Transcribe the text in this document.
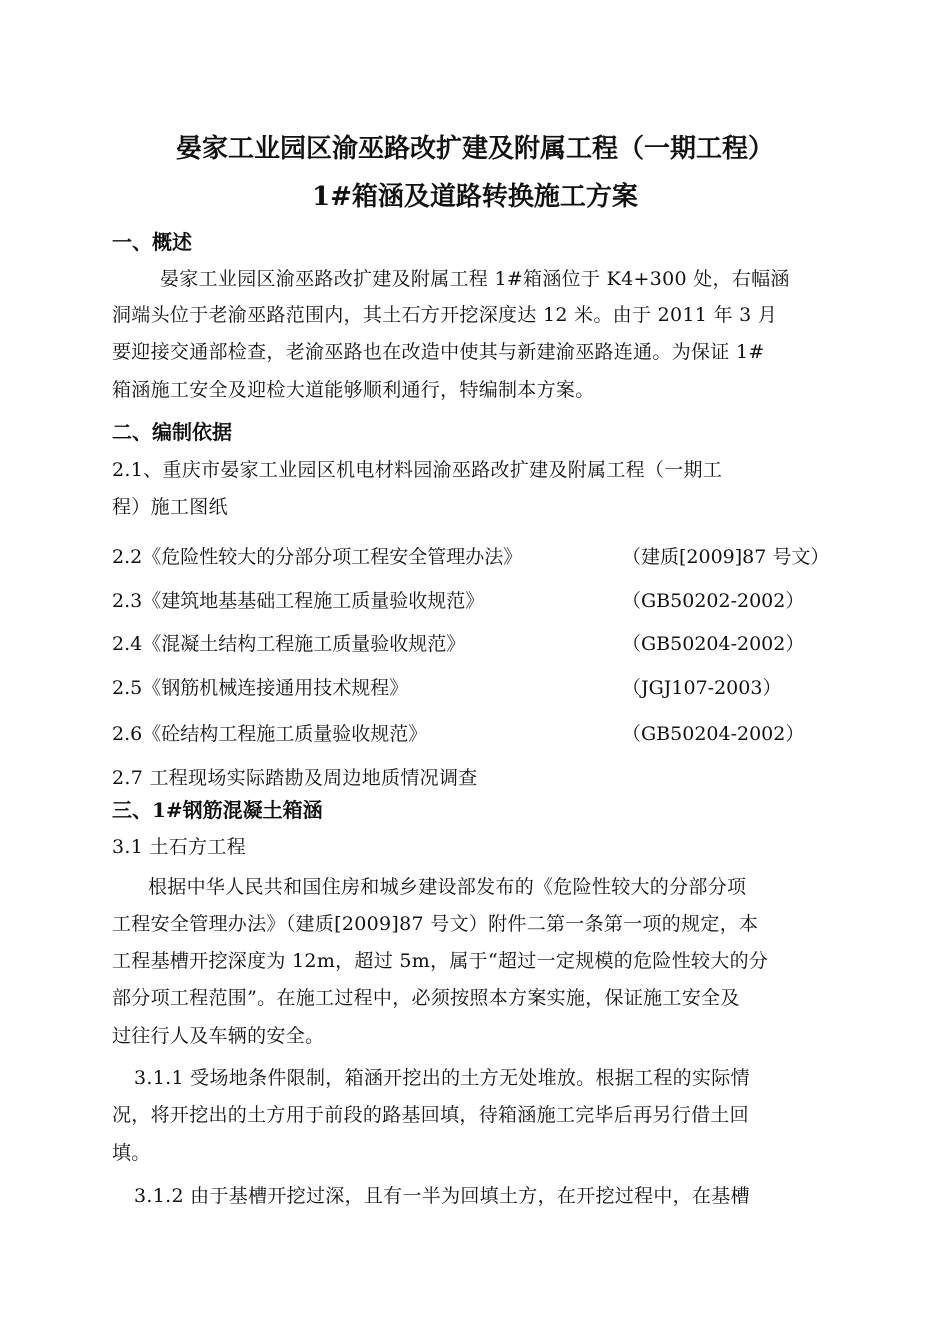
晏家工业园区渝巫路改扩建及附属工程（一期工程）
1#箱涵及道路转换施工方案
一、概述
晏家工业园区渝巫路改扩建及附属工程 1#箱涵位于 K4+300 处，右幅涵
洞端头位于老渝巫路范围内，其土石方开挖深度达 12 米。由于 2011 年 3 月
要迎接交通部检查，老渝巫路也在改造中使其与新建渝巫路连通。为保证 1#
箱涵施工安全及迎检大道能够顺利通行，特编制本方案。
二、编制依据
2.1、重庆市晏家工业园区机电材料园渝巫路改扩建及附属工程（一期工
程）施工图纸
2.2《危险性较大的分部分项工程安全管理办法》	（建质[2009]87 号文）
2.3《建筑地基基础工程施工质量验收规范》	（GB50202-2002）
2.4《混凝土结构工程施工质量验收规范》	（GB50204-2002）
2.5《钢筋机械连接通用技术规程》	（JGJ107-2003）
2.6《砼结构工程施工质量验收规范》	（GB50204-2002）
2.7 工程现场实际踏勘及周边地质情况调查
三、1#钢筋混凝土箱涵
3.1 土石方工程
根据中华人民共和国住房和城乡建设部发布的《危险性较大的分部分项
工程安全管理办法》（建质[2009]87 号文）附件二第一条第一项的规定，本
工程基槽开挖深度为 12m，超过 5m，属于“超过一定规模的危险性较大的分
部分项工程范围”。在施工过程中，必须按照本方案实施，保证施工安全及
过往行人及车辆的安全。
3.1.1 受场地条件限制，箱涵开挖出的土方无处堆放。根据工程的实际情
况，将开挖出的土方用于前段的路基回填，待箱涵施工完毕后再另行借土回
填。
3.1.2 由于基槽开挖过深，且有一半为回填土方，在开挖过程中，在基槽
